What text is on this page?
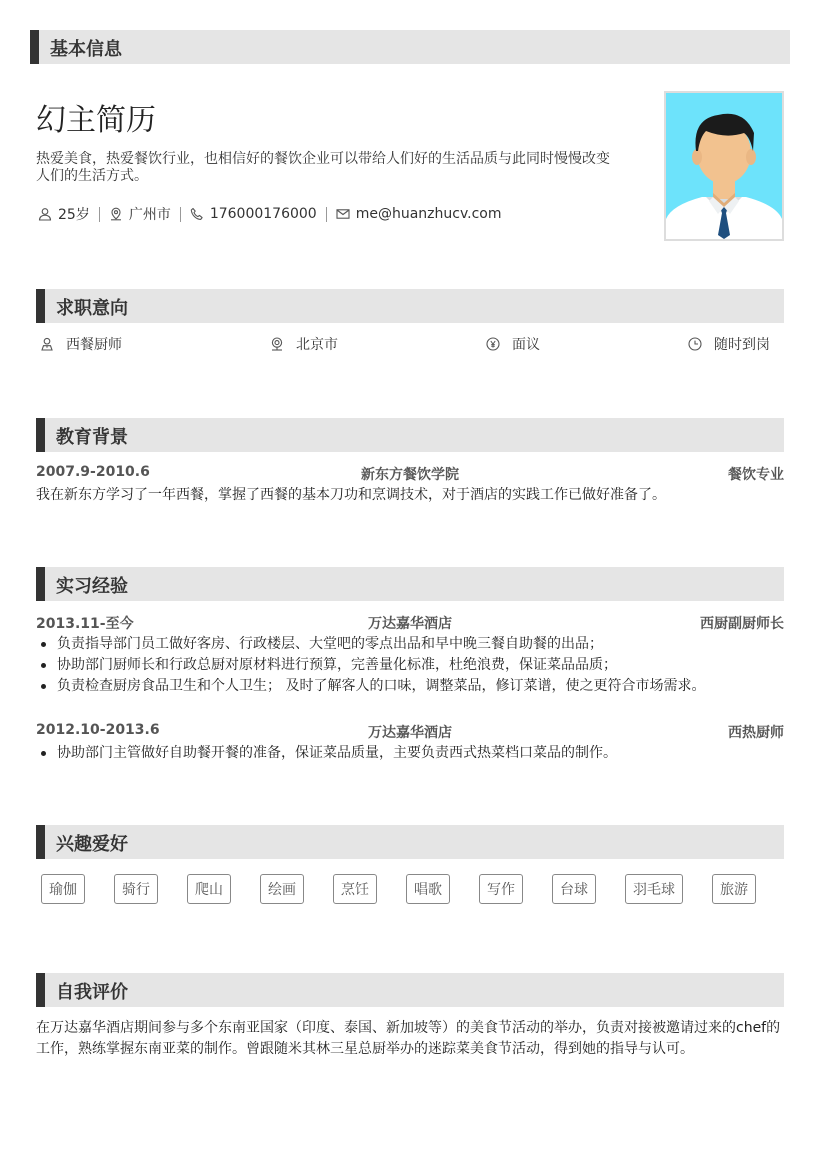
基本信息
幻主简历
热爱美食，热爱餐饮行业，也相信好的餐饮企业可以带给人们好的生活品质与此同时慢慢改变人们的生活方式。
25岁	广州市	176000176000	me@huanzhucv.com
求职意向
西餐厨师	北京市	面议	随时到岗
教育背景
2007.9-2010.6	新东方餐饮学院	餐饮专业
我在新东方学习了一年西餐，掌握了西餐的基本刀功和烹调技术，对于酒店的实践工作已做好准备了。
实习经验
2013.11-至今	万达嘉华酒店	西厨副厨师长
负责指导部门员工做好客房、行政楼层、大堂吧的零点出品和早中晚三餐自助餐的出品；
协助部门厨师长和行政总厨对原材料进行预算，完善量化标准，杜绝浪费，保证菜品品质；
负责检查厨房食品卫生和个人卫生； 及时了解客人的口味，调整菜品，修订菜谱，使之更符合市场需求。
2012.10-2013.6	万达嘉华酒店	西热厨师
协助部门主管做好自助餐开餐的准备，保证菜品质量，主要负责西式热菜档口菜品的制作。
兴趣爱好
瑜伽	骑行	爬山	绘画	烹饪	唱歌	写作	台球	羽毛球	旅游
自我评价
在万达嘉华酒店期间参与多个东南亚国家（印度、泰国、新加坡等）的美食节活动的举办，负责对接被邀请过来的chef的工作，熟练掌握东南亚菜的制作。曾跟随米其林三星总厨举办的迷踪菜美食节活动，得到她的指导与认可。
